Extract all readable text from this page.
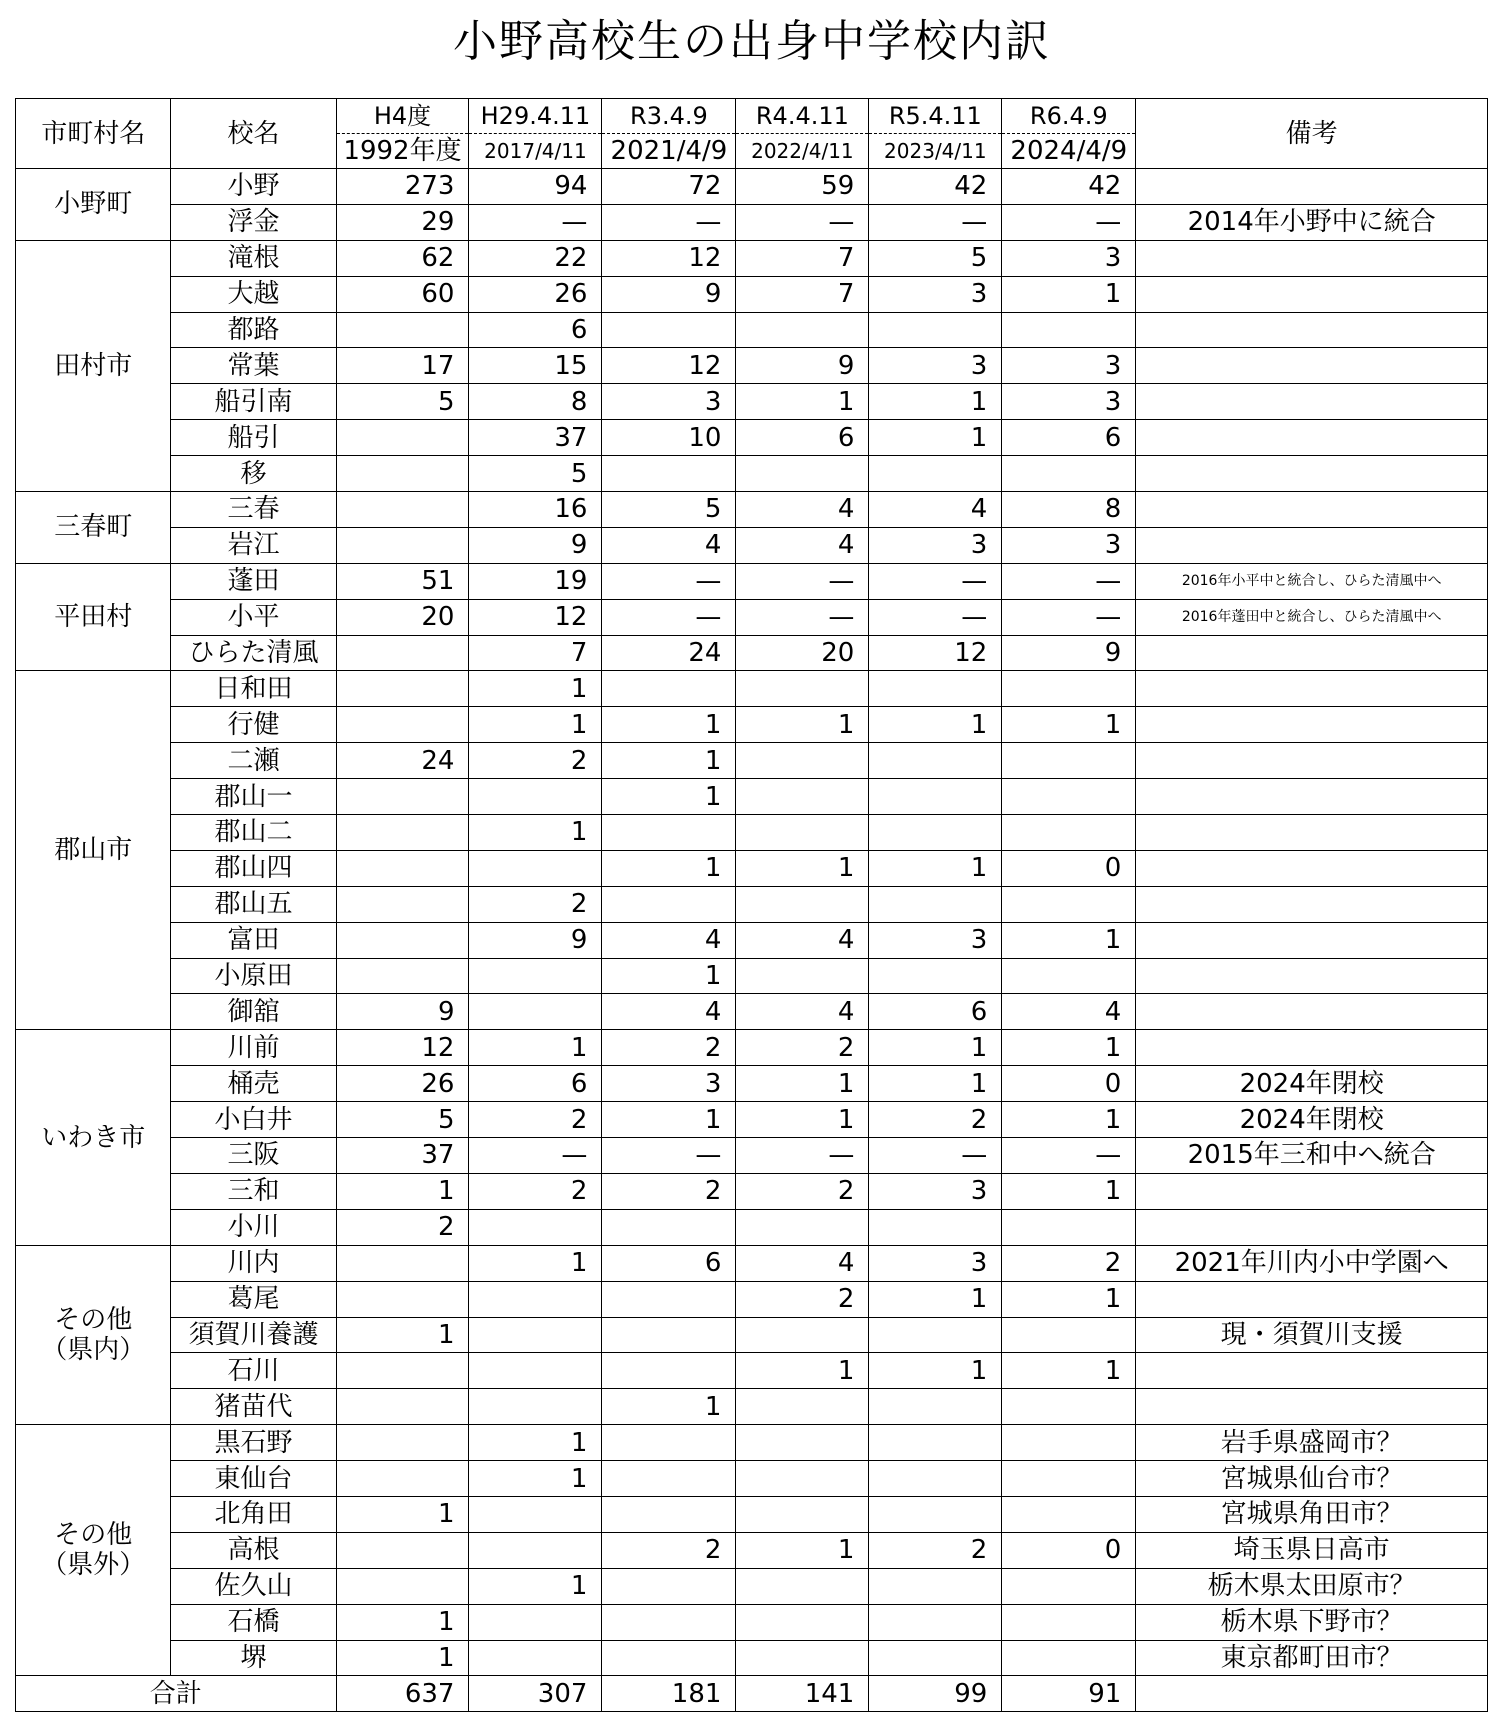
小野高校生の出身中学校内訳
市町村名	校名	H4度	H29.4.11	R3.4.9	R4.4.11	R5.4.11	R6.4.9	備考
		1992年度	2017/4/11	2021/4/9	2022/4/11	2023/4/11	2024/4/9	

小野町	小野	273	94	72	59	42	42	
	浮金	29	—	—	—	—	—	2014年小野中に統合

田村市	滝根	62	22	12	7	5	3	
	大越	60	26	9	7	3	1	
	都路		6					
	常葉	17	15	12	9	3	3	
	船引南	5	8	3	1	1	3	
	船引		37	10	6	1	6	
	移		5					

三春町	三春		16	5	4	4	8	
	岩江		9	4	4	3	3	

平田村	蓬田	51	19	—	—	—	—	2016年小平中と統合し、ひらた清風中へ
	小平	20	12	—	—	—	—	2016年蓬田中と統合し、ひらた清風中へ
	ひらた清風		7	24	20	12	9	

郡山市	日和田		1					
	行健		1	1	1	1	1	
	二瀬	24	2	1				
	郡山一			1				
	郡山二		1					
	郡山四			1	1	1	0	
	郡山五		2					
	富田		9	4	4	3	1	
	小原田			1				
	御舘	9		4	4	6	4	

いわき市	川前	12	1	2	2	1	1	
	桶売	26	6	3	1	1	0	2024年閉校
	小白井	5	2	1	1	2	1	2024年閉校
	三阪	37	—	—	—	—	—	2015年三和中へ統合
	三和	1	2	2	2	3	1	
	小川	2						

その他
（県内）	川内		1	6	4	3	2	2021年川内小中学園へ
	葛尾				2	1	1	
	須賀川養護	1						現・須賀川支援
	石川				1	1	1	
	猪苗代			1				

その他
（県外）	黒石野		1					岩手県盛岡市？
	東仙台		1					宮城県仙台市？
	北角田	1						宮城県角田市？
	高根			2	1	2	0	埼玉県日高市
	佐久山		1					栃木県太田原市？
	石橋	1						栃木県下野市？
	堺	1						東京都町田市？
合計		637	307	181	141	99	91	
